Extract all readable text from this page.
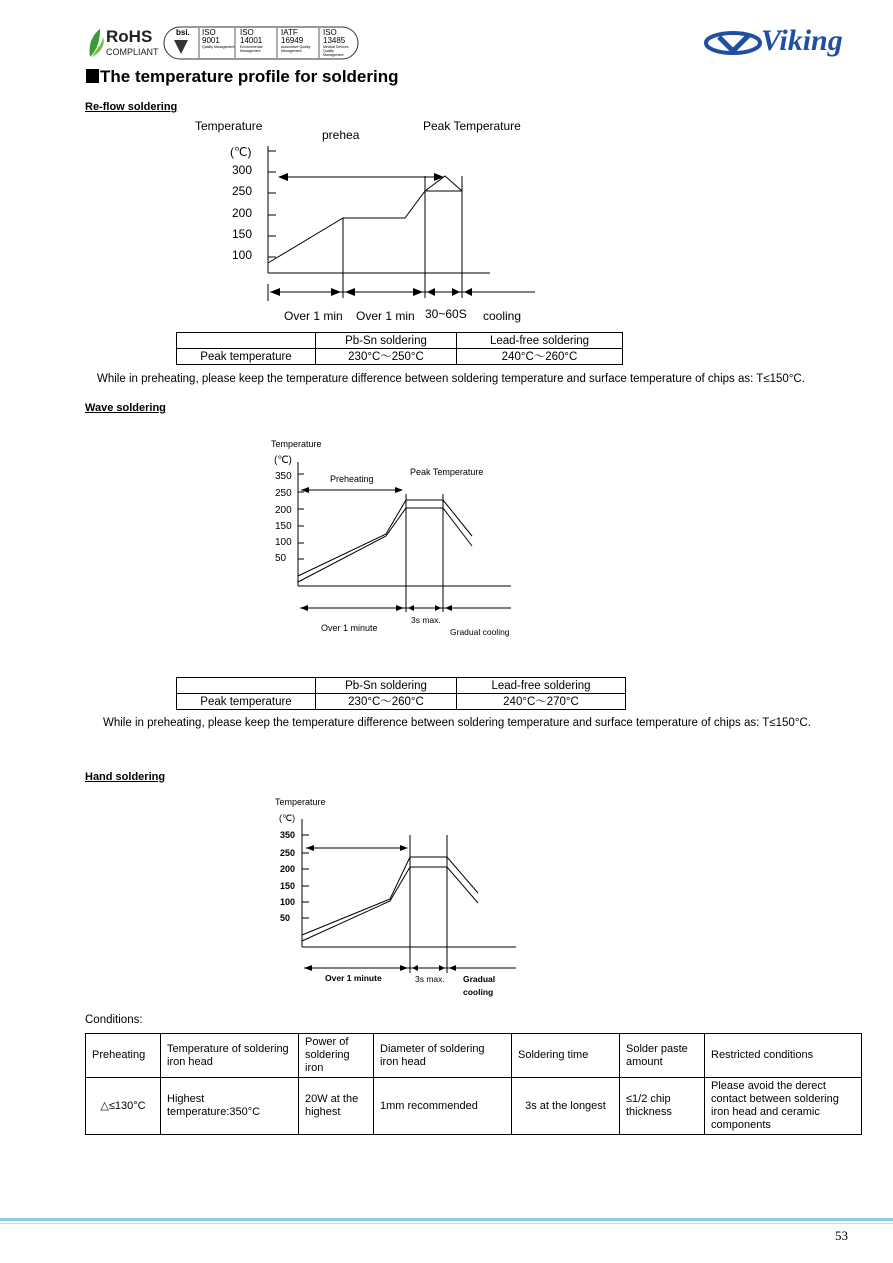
RoHS
COMPLIANT
bsi. ISO
9001
Quality Management
ISO
14001
Environmental Management
IATF
16949
Automotive Quality Management
ISO
13485
Medical Devices Quality Management	Viking
The temperature profile for soldering
Re-flow soldering
Temperature
prehea
Peak Temperature
(℃)
300
250
200
150
100
Over 1 min Over 1 min 30~60S cooling
	Pb-Sn soldering	Lead-free soldering
Peak temperature	230°C～250°C	240°C～260°C
While in preheating, please keep the temperature difference between soldering temperature and surface temperature of chips as: T≤150°C.
Wave soldering
Temperature
(℃)
Peak Temperature
Preheating
350
250
200
150
100
50
Over 1 minute
3s max.
Gradual cooling
	Pb-Sn soldering	Lead-free soldering
Peak temperature	230°C～260°C	240°C～270°C
While in preheating, please keep the temperature difference between soldering temperature and surface temperature of chips as: T≤150°C.
Hand soldering
Temperature
(℃)
350
250
200
150
100
50
Over 1 minute	3s max. Gradual
cooling
Conditions:
Preheating	Temperature of soldering iron head	Power of soldering iron	Diameter of soldering iron head	Soldering time	Solder paste amount	Restricted conditions
△≤130°C	Highest temperature:350°C	20W at the highest	1mm recommended	3s at the longest	≤1/2 chip thickness	Please avoid the derect contact between soldering iron head and ceramic components
53
